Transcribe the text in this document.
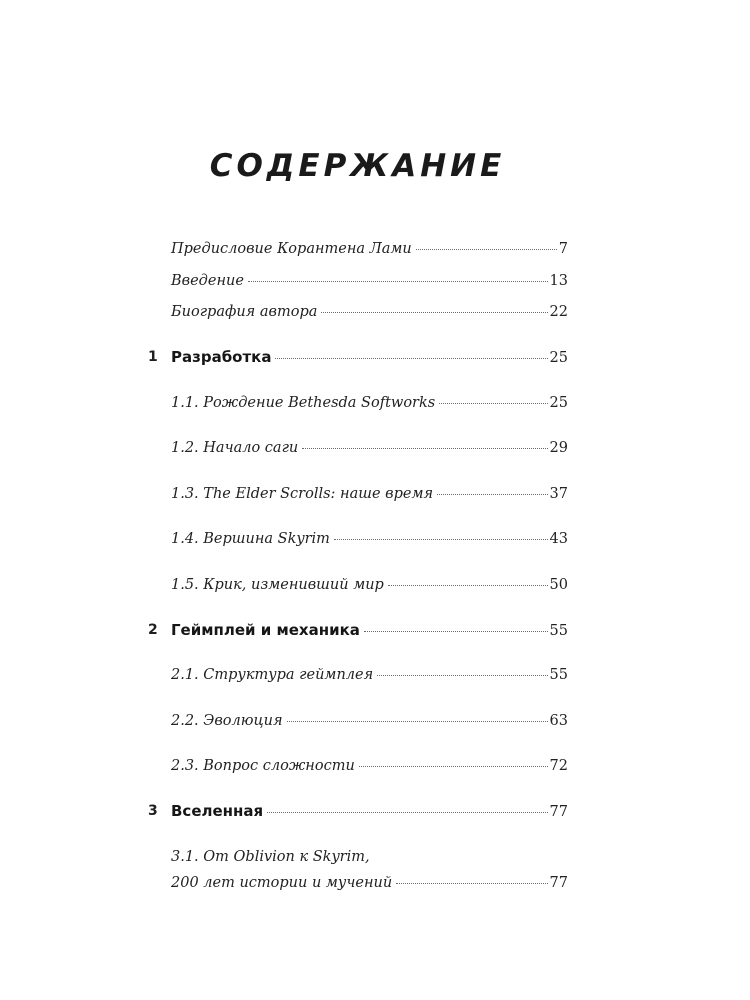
СОДЕРЖАНИЕ
Предисловие Корантена Лами	7
Введение	13
Биография автора	22
1 Разработка	25
1.1. Рождение Bethesda Softworks	25
1.2. Начало саги	29
1.3. The Elder Scrolls: наше время	37
1.4. Вершина Skyrim	43
1.5. Крик, изменивший мир	50
2 Геймплей и механика	55
2.1. Структура геймплея	55
2.2. Эволюция	63
2.3. Вопрос сложности	72
3 Вселенная	77
3.1. От Oblivion к Skyrim,
200 лет истории и мучений	77
